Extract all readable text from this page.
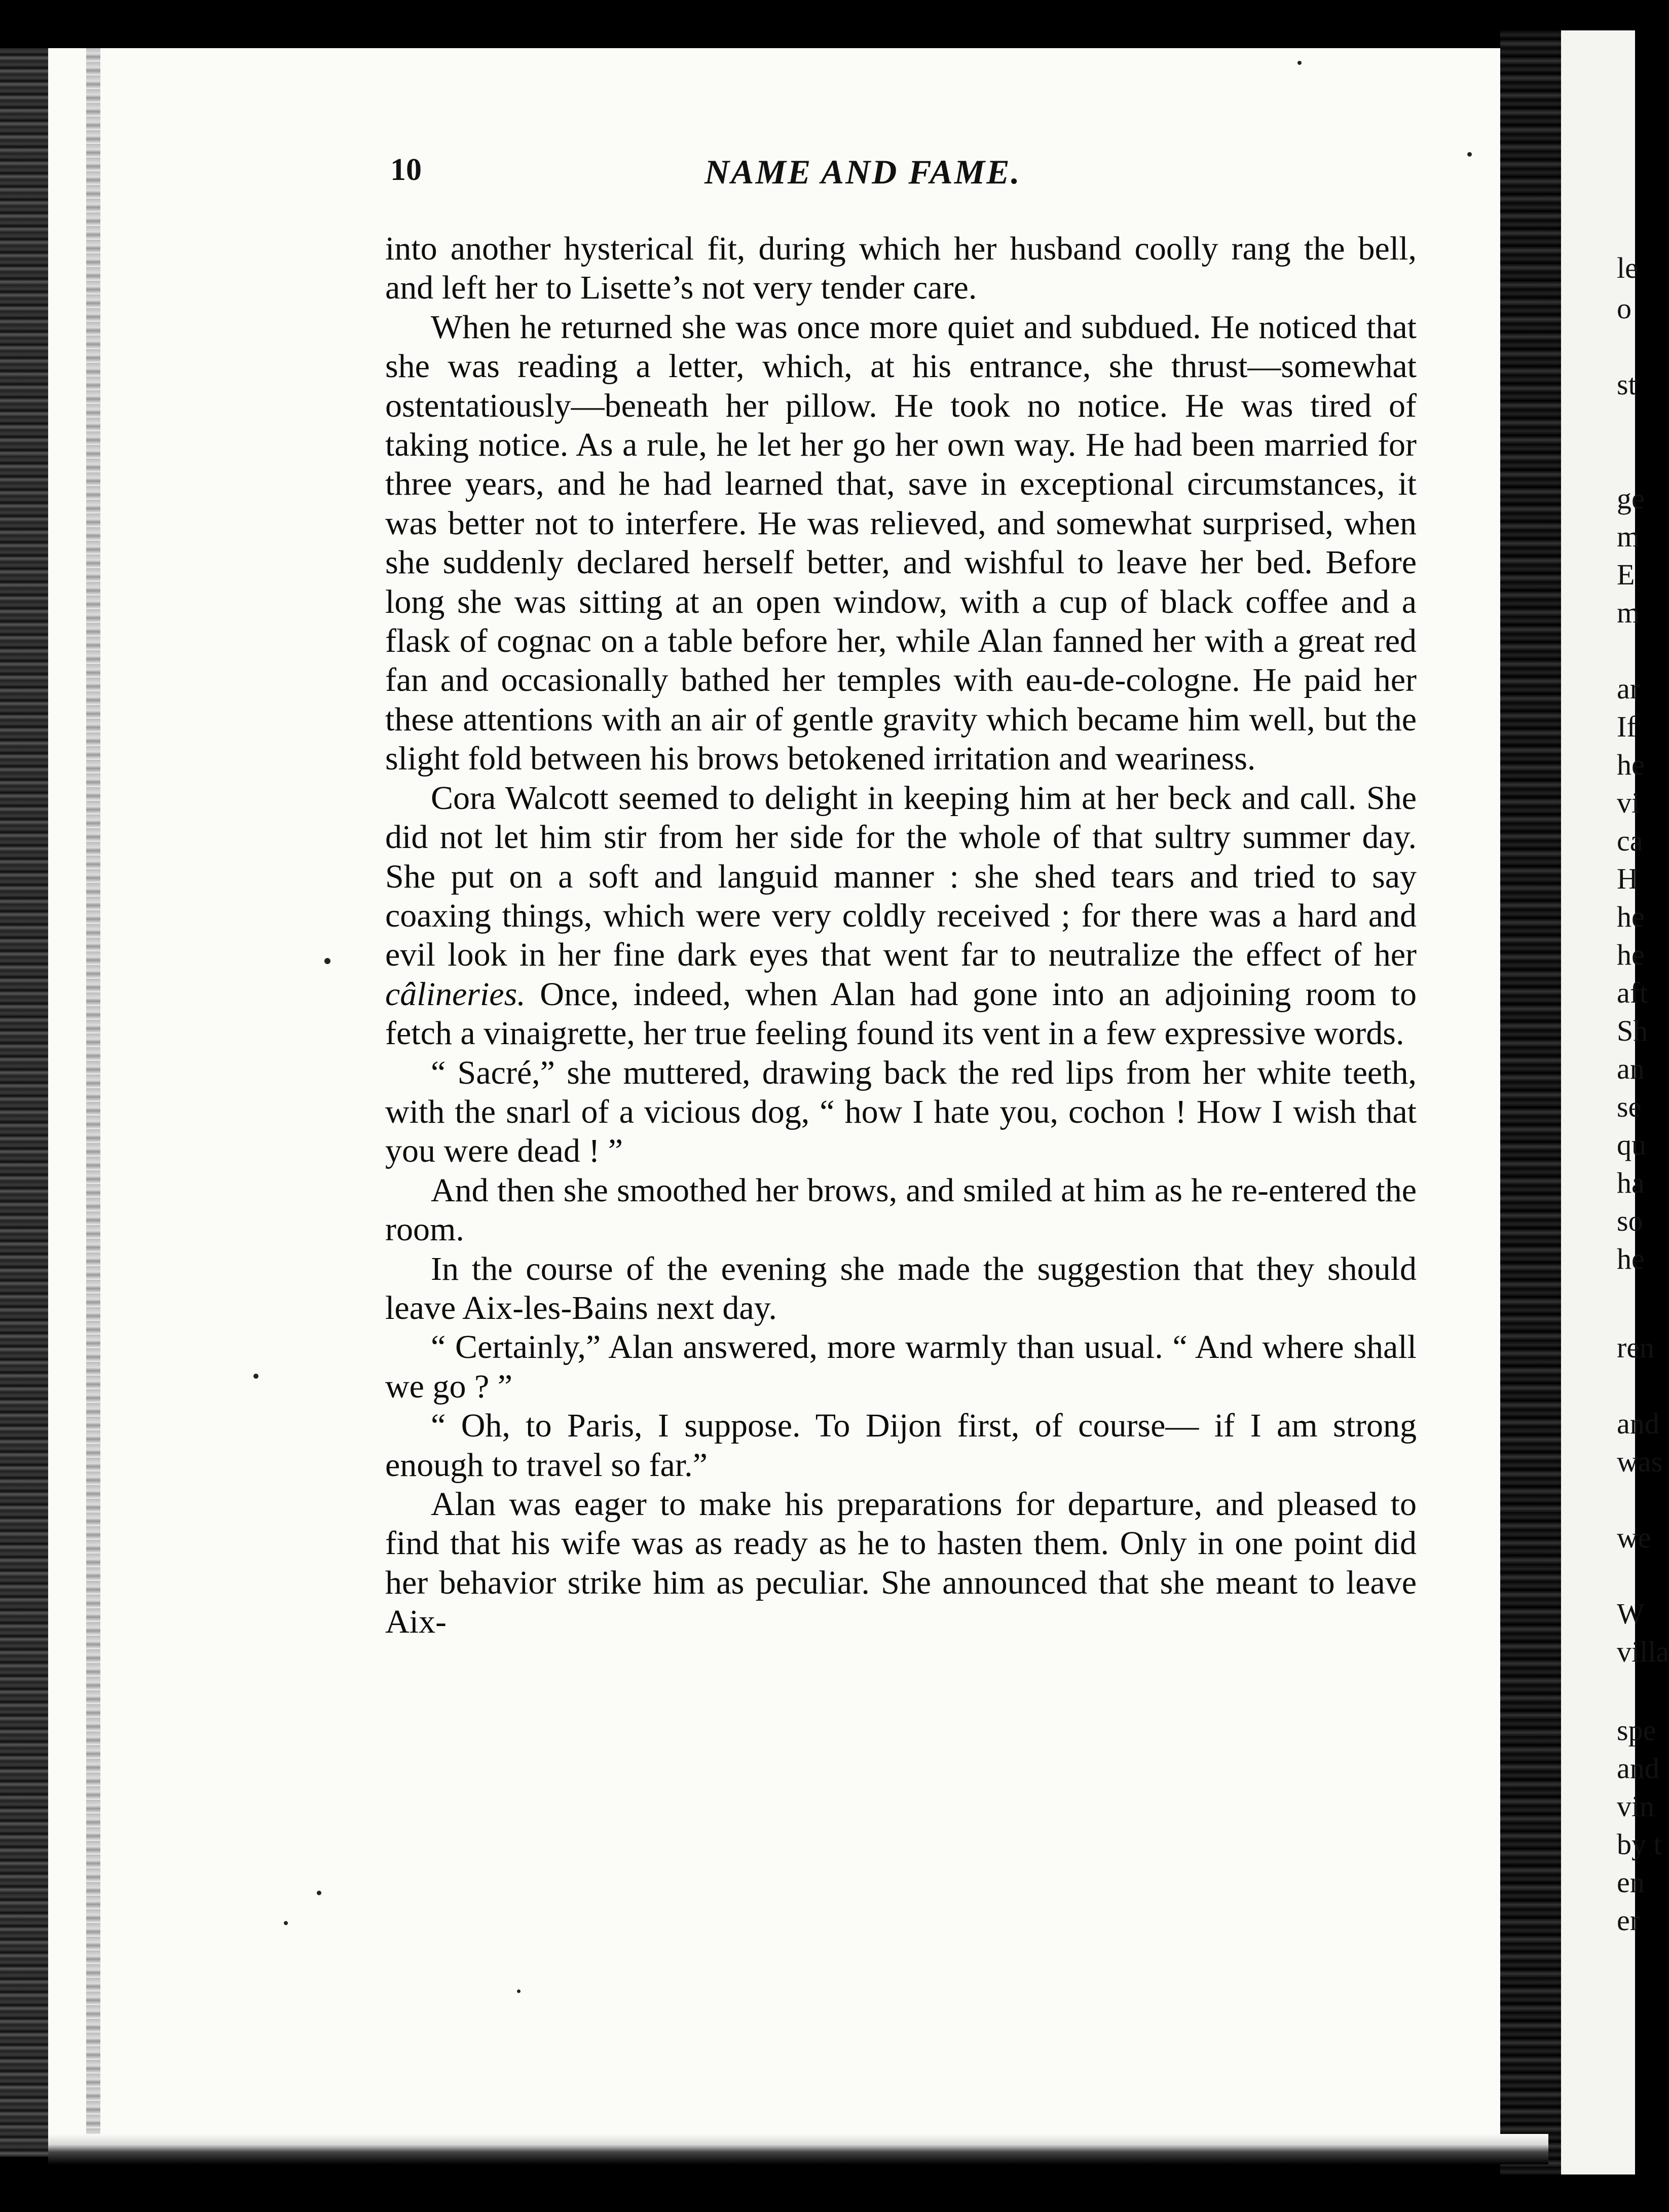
le
o
st
ge
m
E
m
ar
If
he
vi
ca
H
he
he
aft
Sh
an
se
qu
ha
so
he
ren
and
was
we
W
villa
spe
and
vin
by t
en
er
10	NAME AND FAME.

into another hysterical fit, during which her husband coolly rang the bell, and left her to Lisette’s not very tender care.

When he returned she was once more quiet and subdued. He noticed that she was reading a letter, which, at his entrance, she thrust—somewhat ostentatiously—beneath her pillow. He took no notice. He was tired of taking notice. As a rule, he let her go her own way. He had been married for three years, and he had learned that, save in exceptional circumstances, it was better not to interfere. He was relieved, and somewhat surprised, when she suddenly declared herself better, and wishful to leave her bed. Before long she was sitting at an open window, with a cup of black coffee and a flask of cognac on a table before her, while Alan fanned her with a great red fan and occasionally bathed her temples with eau-de-cologne. He paid her these attentions with an air of gentle gravity which became him well, but the slight fold between his brows betokened irritation and weariness.

Cora Walcott seemed to delight in keeping him at her beck and call. She did not let him stir from her side for the whole of that sultry summer day. She put on a soft and languid manner : she shed tears and tried to say coaxing things, which were very coldly received ; for there was a hard and evil look in her fine dark eyes that went far to neutralize the effect of her câlineries. Once, indeed, when Alan had gone into an adjoining room to fetch a vinaigrette, her true feeling found its vent in a few expressive words.

“ Sacré,” she muttered, drawing back the red lips from her white teeth, with the snarl of a vicious dog, “ how I hate you, cochon ! How I wish that you were dead ! ”

And then she smoothed her brows, and smiled at him as he re-entered the room.

In the course of the evening she made the suggestion that they should leave Aix-les-Bains next day.

“ Certainly,” Alan answered, more warmly than usual. “ And where shall we go ? ”

“ Oh, to Paris, I suppose. To Dijon first, of course— if I am strong enough to travel so far.”

Alan was eager to make his preparations for departure, and pleased to find that his wife was as ready as he to hasten them. Only in one point did her behavior strike him as peculiar. She announced that she meant to leave Aix-
